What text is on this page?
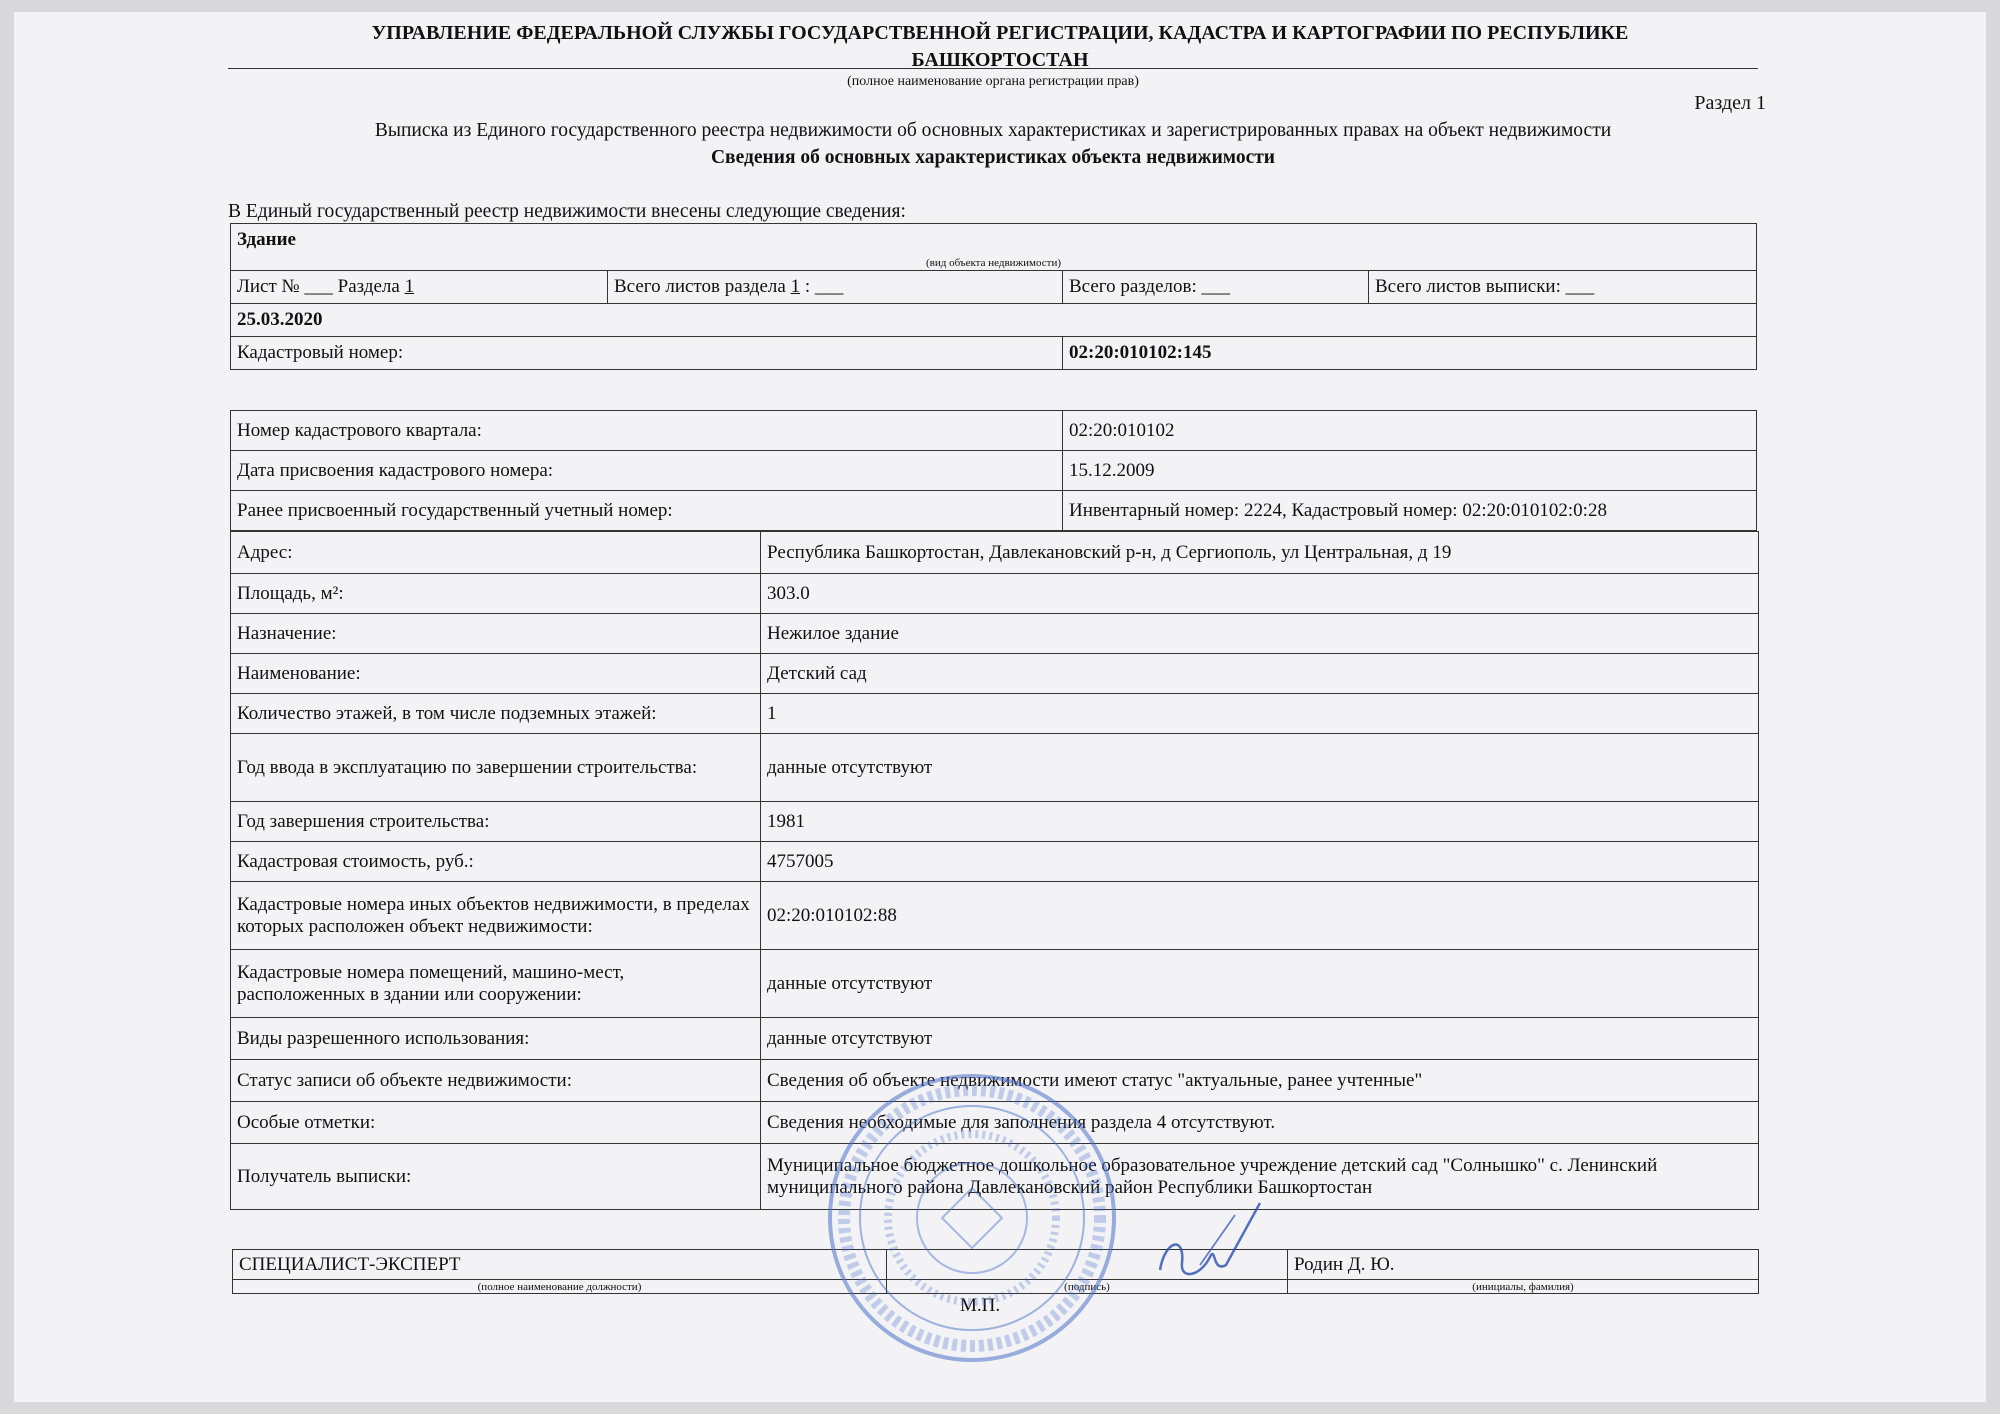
УПРАВЛЕНИЕ ФЕДЕРАЛЬНОЙ СЛУЖБЫ ГОСУДАРСТВЕННОЙ РЕГИСТРАЦИИ, КАДАСТРА И КАРТОГРАФИИ ПО РЕСПУБЛИКЕ
БАШКОРТОСТАН
(полное наименование органа регистрации прав)
Раздел 1
Выписка из Единого государственного реестра недвижимости об основных характеристиках и зарегистрированных правах на объект недвижимости
Сведения об основных характеристиках объекта недвижимости
В Единый государственный реестр недвижимости внесены следующие сведения:
Здание			
(вид объекта недвижимости)			
Лист № ___ Раздела 1	Всего листов раздела 1 : ___	Всего разделов: ___	Всего листов выписки: ___
25.03.2020			
Кадастровый номер:		02:20:010102:145	
Номер кадастрового квартала:	02:20:010102
Дата присвоения кадастрового номера:	15.12.2009
Ранее присвоенный государственный учетный номер:	Инвентарный номер: 2224, Кадастровый номер: 02:20:010102:0:28
Адрес:	Республика Башкортостан, Давлекановский р-н, д Сергиополь, ул Центральная, д 19
Площадь, м²:	303.0
Назначение:	Нежилое здание
Наименование:	Детский сад
Количество этажей, в том числе подземных этажей:	1
Год ввода в эксплуатацию по завершении строительства:	данные отсутствуют
Год завершения строительства:	1981
Кадастровая стоимость, руб.:	4757005
Кадастровые номера иных объектов недвижимости, в пределах которых расположен объект недвижимости:	02:20:010102:88
Кадастровые номера помещений, машино-мест, расположенных в здании или сооружении:	данные отсутствуют
Виды разрешенного использования:	данные отсутствуют
Статус записи об объекте недвижимости:	Сведения об объекте недвижимости имеют статус "актуальные, ранее учтенные"
Особые отметки:	Сведения необходимые для заполнения раздела 4 отсутствуют.
Получатель выписки:	Муниципальное бюджетное дошкольное образовательное учреждение детский сад "Солнышко" с. Ленинский муниципального района Давлекановский район Республики Башкортостан
СПЕЦИАЛИСТ-ЭКСПЕРТ		Родин Д. Ю.
(полное наименование должности)	(подпись)	(инициалы, фамилия)
М.П.
